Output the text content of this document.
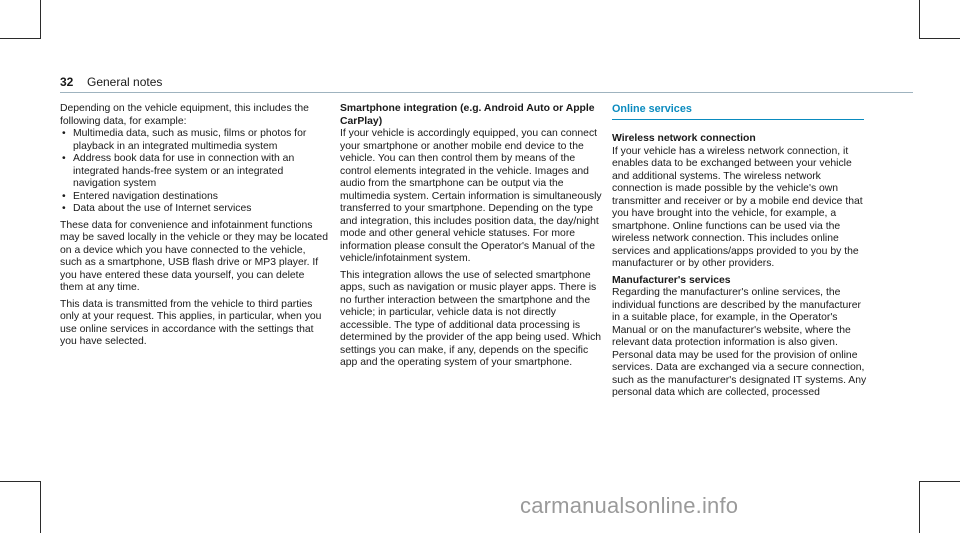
32 General notes

Depending on the vehicle equipment, this includes the following data, for example:

• Multimedia data, such as music, films or photos for playback in an integrated multimedia system
• Address book data for use in connection with an integrated hands-free system or an integrated navigation system
• Entered navigation destinations
• Data about the use of Internet services

These data for convenience and infotainment functions may be saved locally in the vehicle or they may be located on a device which you have connected to the vehicle, such as a smartphone, USB flash drive or MP3 player. If you have entered these data yourself, you can delete them at any time.

This data is transmitted from the vehicle to third parties only at your request. This applies, in particular, when you use online services in accordance with the settings that you have selected.

Smartphone integration (e.g. Android Auto or Apple CarPlay)

If your vehicle is accordingly equipped, you can connect your smartphone or another mobile end device to the vehicle. You can then control them by means of the control elements integrated in the vehicle. Images and audio from the smartphone can be output via the multimedia system. Certain information is simultaneously transferred to your smartphone. Depending on the type and integration, this includes position data, the day/night mode and other general vehicle statuses. For more information please consult the Operator's Manual of the vehicle/infotainment system.

This integration allows the use of selected smartphone apps, such as navigation or music player apps. There is no further interaction between the smartphone and the vehicle; in particular, vehicle data is not directly accessible. The type of additional data processing is determined by the provider of the app being used. Which settings you can make, if any, depends on the specific app and the operating system of your smartphone.

Online services
Wireless network connection

If your vehicle has a wireless network connection, it enables data to be exchanged between your vehicle and additional systems. The wireless network connection is made possible by the vehicle's own transmitter and receiver or by a mobile end device that you have brought into the vehicle, for example, a smartphone. Online functions can be used via the wireless network connection. This includes online services and applications/apps provided to you by the manufacturer or by other providers.

Manufacturer's services

Regarding the manufacturer's online services, the individual functions are described by the manufacturer in a suitable place, for example, in the Operator's Manual or on the manufacturer's website, where the relevant data protection information is also given. Personal data may be used for the provision of online services. Data are exchanged via a secure connection, such as the manufacturer's designated IT systems. Any personal data which are collected, processed

carmanualsonline.info
